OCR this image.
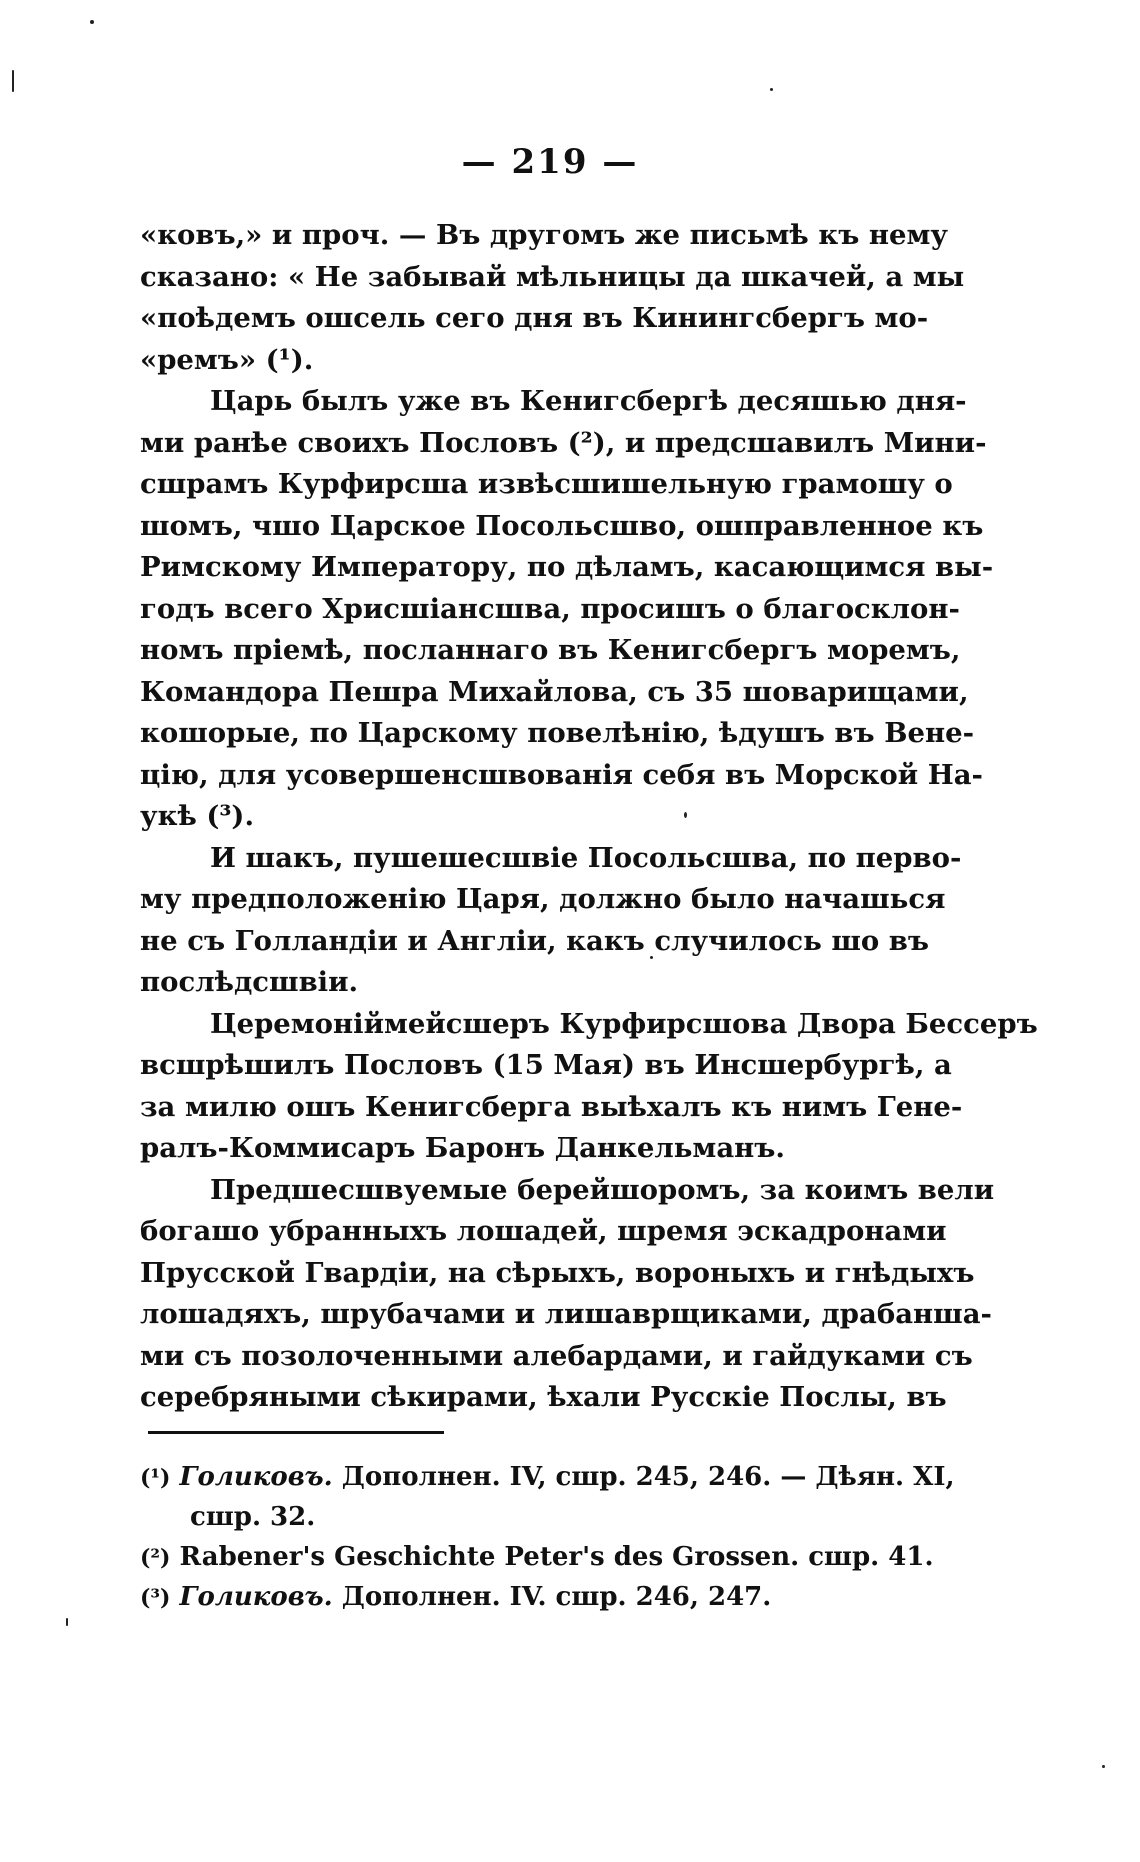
— 219 —
«ковъ,» и проч. — Въ другомъ же письмѣ къ нему
сказано: « Не забывай мѣльницы да шкачей, а мы
«поѣдемъ ошсель сего дня въ Кинингсбергъ мо-
«ремъ» (¹).
Царь былъ уже въ Кенигсбергѣ десяшью дня-
ми ранѣе своихъ Пословъ (²), и предсшавилъ Мини-
сшрамъ Курфирсша извѣсшишельную грамошу о
шомъ, чшо Царское Посольсшво, ошправленное къ
Римскому Императору, по дѣламъ, касающимся вы-
годъ всего Хрисшіансшва, просишъ о благосклон-
номъ пріемѣ, посланнаго въ Кенигсбергъ моремъ,
Командора Пешра Михайлова, съ 35 шоварищами,
кошорые, по Царскому повелѣнію, ѣдушъ въ Вене-
цію, для усовершенсшвованія себя въ Морской На-
укѣ (³).
И шакъ, пушешесшвіе Посольсшва, по перво-
му предположенію Царя, должно было начашься
не съ Голландіи и Англіи, какъ случилось шо въ
послѣдсшвіи.
Церемоніймейсшеръ Курфирсшова Двора Бессеръ
всшрѣшилъ Пословъ (15 Мая) въ Инсшербургѣ, а
за милю ошъ Кенигсберга выѣхалъ къ нимъ Гене-
ралъ-Коммисаръ Баронъ Данкельманъ.
Предшесшвуемые берейшоромъ, за коимъ вели
богашо убранныхъ лошадей, шремя эскадронами
Прусской Гвардіи, на сѣрыхъ, вороныхъ и гнѣдыхъ
лошадяхъ, шрубачами и лишаврщиками, драбаншa-
ми съ позолоченными алебардами, и гайдуками съ
серебряными сѣкирами, ѣхали Русскіе Послы, въ
(¹) Голиковъ. Дополнен. IV, сшр. 245, 246. — Дѣян. XI,
сшр. 32.
(²) Rabener's Geschichte Peter's des Grossen. сшр. 41.
(³) Голиковъ. Дополнен. IV. сшр. 246, 247.
